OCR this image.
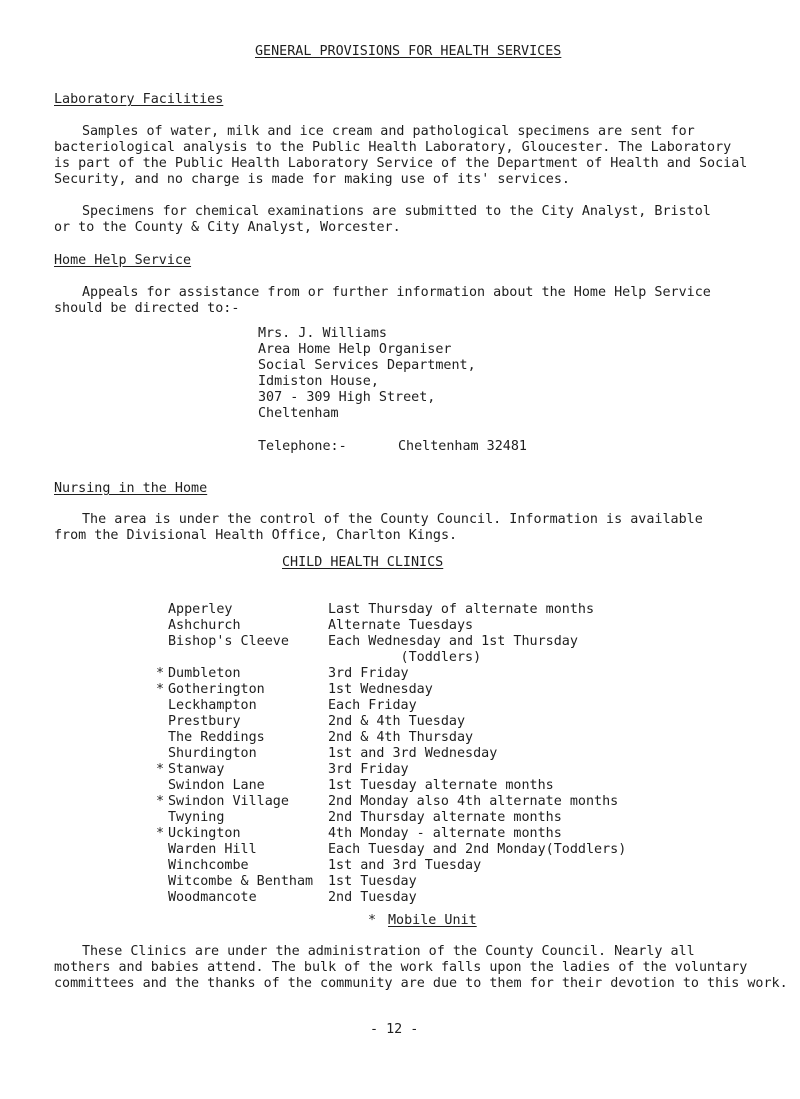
GENERAL PROVISIONS FOR HEALTH SERVICES
Laboratory Facilities
Samples of water, milk and ice cream and pathological specimens are sent for
bacteriological analysis to the Public Health Laboratory, Gloucester. The Laboratory
is part of the Public Health Laboratory Service of the Department of Health and Social
Security, and no charge is made for making use of its' services.
Specimens for chemical examinations are submitted to the City Analyst, Bristol
or to the County & City Analyst, Worcester.
Home Help Service
Appeals for assistance from or further information about the Home Help Service
should be directed to:-
Mrs. J. Williams
Area Home Help Organiser
Social Services Department,
Idmiston House,
307 - 309 High Street,
Cheltenham
Telephone:-	Cheltenham 32481
Nursing in the Home
The area is under the control of the County Council. Information is available
from the Divisional Health Office, Charlton Kings.
CHILD HEALTH CLINICS
Apperley	Last Thursday of alternate months
Ashchurch	Alternate Tuesdays
Bishop's Cleeve	Each Wednesday and 1st Thursday
	(Toddlers)
* Dumbleton	3rd Friday
* Gotherington	1st Wednesday
Leckhampton	Each Friday
Prestbury	2nd & 4th Tuesday
The Reddings	2nd & 4th Thursday
Shurdington	1st and 3rd Wednesday
* Stanway	3rd Friday
Swindon Lane	1st Tuesday alternate months
* Swindon Village	2nd Monday also 4th alternate months
Twyning	2nd Thursday alternate months
* Uckington	4th Monday - alternate months
Warden Hill	Each Tuesday and 2nd Monday(Toddlers)
Winchcombe	1st and 3rd Tuesday
Witcombe & Bentham	1st Tuesday
Woodmancote	2nd Tuesday
* Mobile Unit
These Clinics are under the administration of the County Council. Nearly all
mothers and babies attend. The bulk of the work falls upon the ladies of the voluntary
committees and the thanks of the community are due to them for their devotion to this work.
- 12 -
